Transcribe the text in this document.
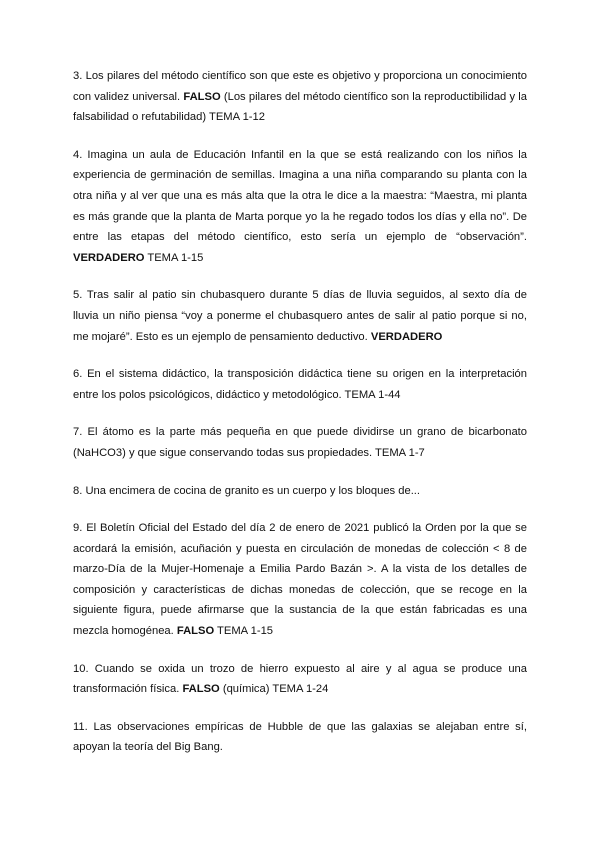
3. Los pilares del método científico son que este es objetivo y proporciona un conocimiento con validez universal. FALSO (Los pilares del método científico son la reproductibilidad y la falsabilidad o refutabilidad) TEMA 1-12

4. Imagina un aula de Educación Infantil en la que se está realizando con los niños la experiencia de germinación de semillas. Imagina a una niña comparando su planta con la otra niña y al ver que una es más alta que la otra le dice a la maestra: “Maestra, mi planta es más grande que la planta de Marta porque yo la he regado todos los días y ella no”. De entre las etapas del método científico, esto sería un ejemplo de “observación”. VERDADERO TEMA 1-15

5. Tras salir al patio sin chubasquero durante 5 días de lluvia seguidos, al sexto día de lluvia un niño piensa “voy a ponerme el chubasquero antes de salir al patio porque si no, me mojaré”. Esto es un ejemplo de pensamiento deductivo. VERDADERO

6. En el sistema didáctico, la transposición didáctica tiene su origen en la interpretación entre los polos psicológicos, didáctico y metodológico. TEMA 1-44

7. El átomo es la parte más pequeña en que puede dividirse un grano de bicarbonato (NaHCO3) y que sigue conservando todas sus propiedades. TEMA 1-7

8. Una encimera de cocina de granito es un cuerpo y los bloques de...

9. El Boletín Oficial del Estado del día 2 de enero de 2021 publicó la Orden por la que se acordará la emisión, acuñación y puesta en circulación de monedas de colección < 8 de marzo-Día de la Mujer-Homenaje a Emilia Pardo Bazán >. A la vista de los detalles de composición y características de dichas monedas de colección, que se recoge en la siguiente figura, puede afirmarse que la sustancia de la que están fabricadas es una mezcla homogénea. FALSO TEMA 1-15

10. Cuando se oxida un trozo de hierro expuesto al aire y al agua se produce una transformación física. FALSO (química) TEMA 1-24

11. Las observaciones empíricas de Hubble de que las galaxias se alejaban entre sí, apoyan la teoría del Big Bang.
